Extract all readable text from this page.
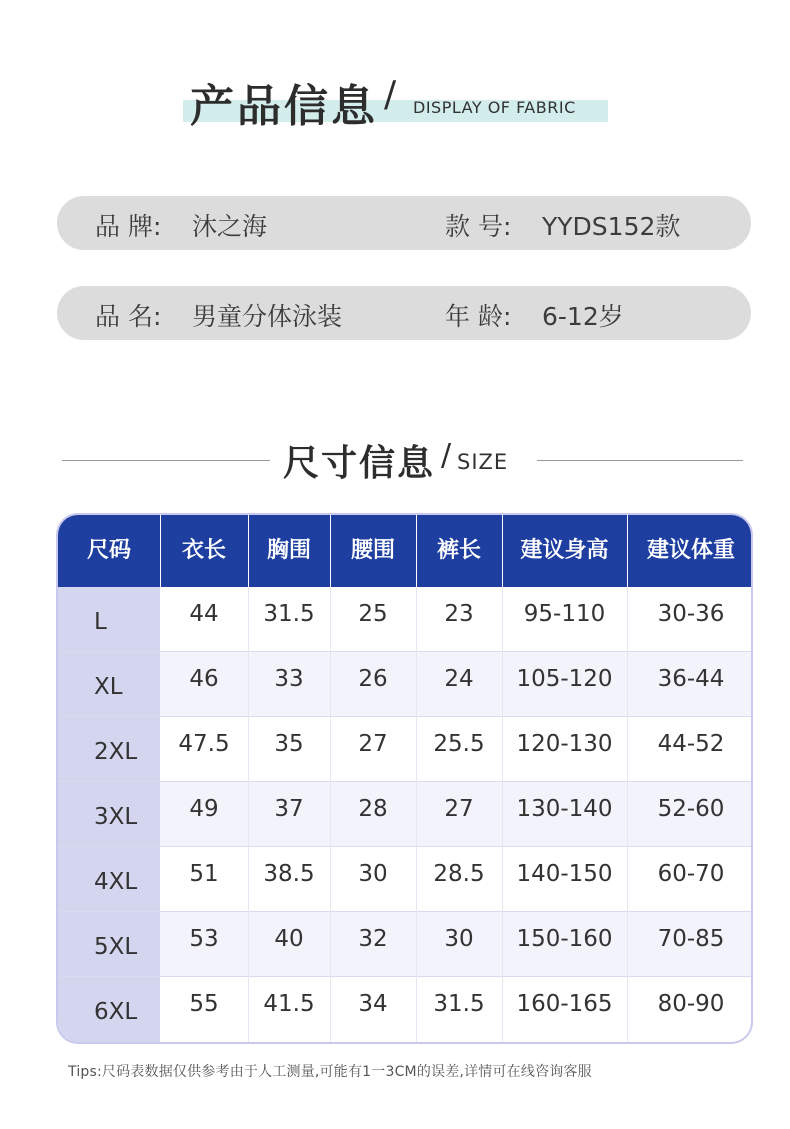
产品信息 / DISPLAY OF FABRIC
品 牌: 沐之海	款 号: YYDS152款
品 名: 男童分体泳装	年 龄: 6-12岁
尺寸信息 / SIZE
尺码	衣长	胸围	腰围	裤长	建议身高	建议体重
L	44	31.5	25	23	95-110	30-36
XL	46	33	26	24	105-120	36-44
2XL	47.5	35	27	25.5	120-130	44-52
3XL	49	37	28	27	130-140	52-60
4XL	51	38.5	30	28.5	140-150	60-70
5XL	53	40	32	30	150-160	70-85
6XL	55	41.5	34	31.5	160-165	80-90
Tips:尺码表数据仅供参考由于人工测量,可能有1一3CM的误差,详情可在线咨询客服
